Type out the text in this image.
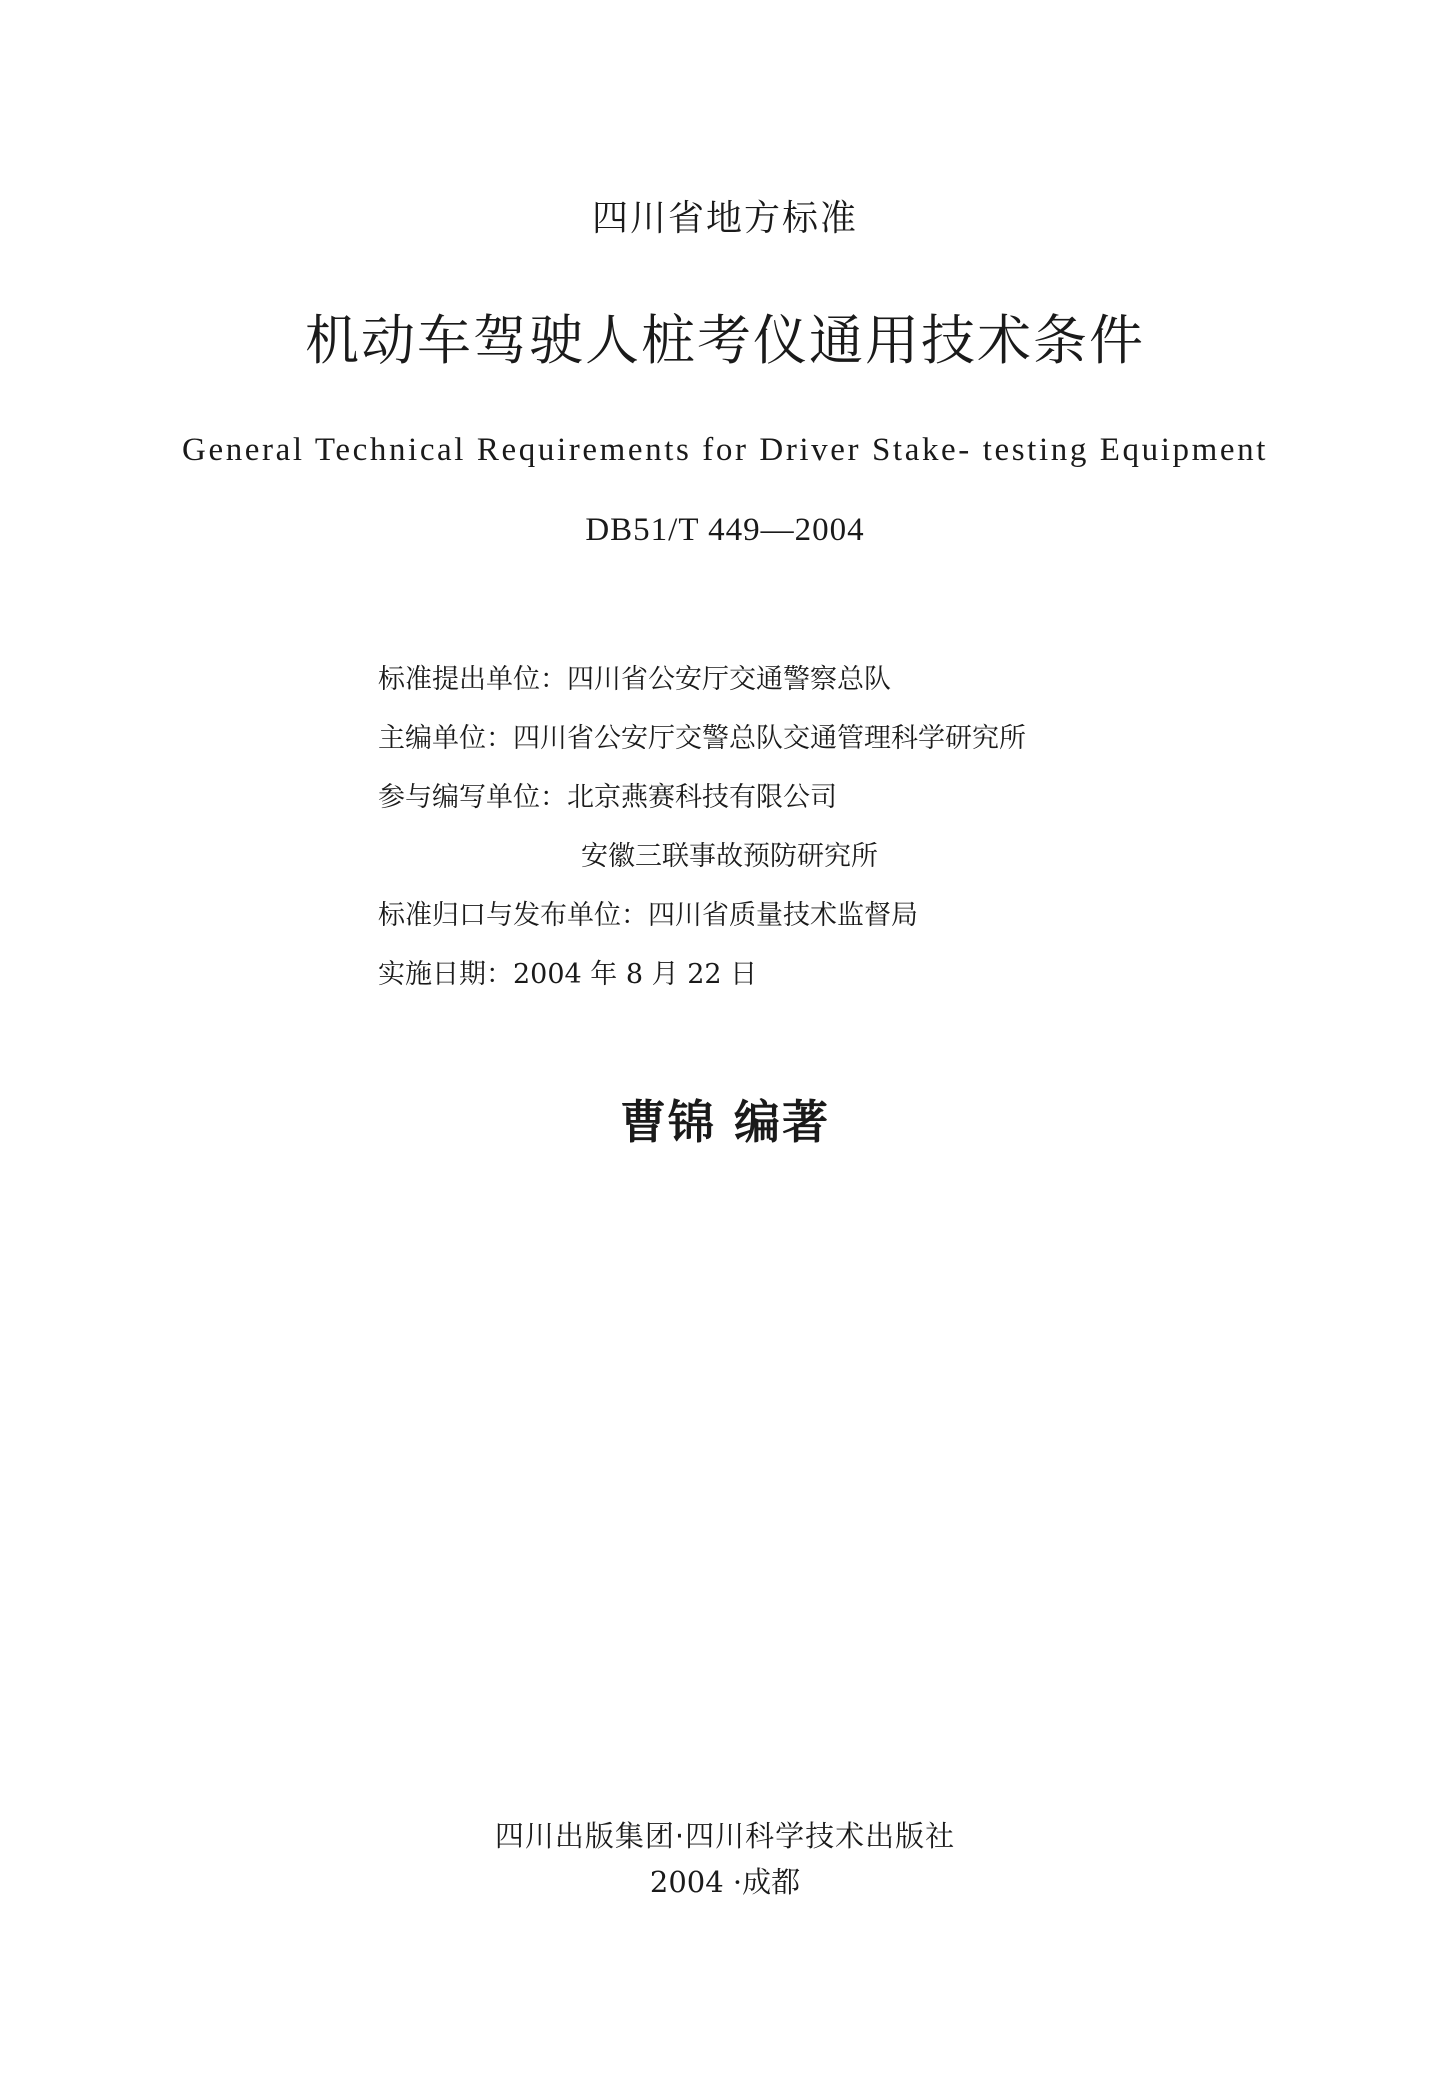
四川省地方标准
机动车驾驶人桩考仪通用技术条件
General Technical Requirements for Driver Stake- testing Equipment
DB51/T 449—2004
标准提出单位：四川省公安厅交通警察总队
主编单位：四川省公安厅交警总队交通管理科学研究所
参与编写单位：北京燕赛科技有限公司
安徽三联事故预防研究所
标准归口与发布单位：四川省质量技术监督局
实施日期：2004 年 8 月 22 日
曹锦 编著
四川出版集团·四川科学技术出版社
2004 ·成都
